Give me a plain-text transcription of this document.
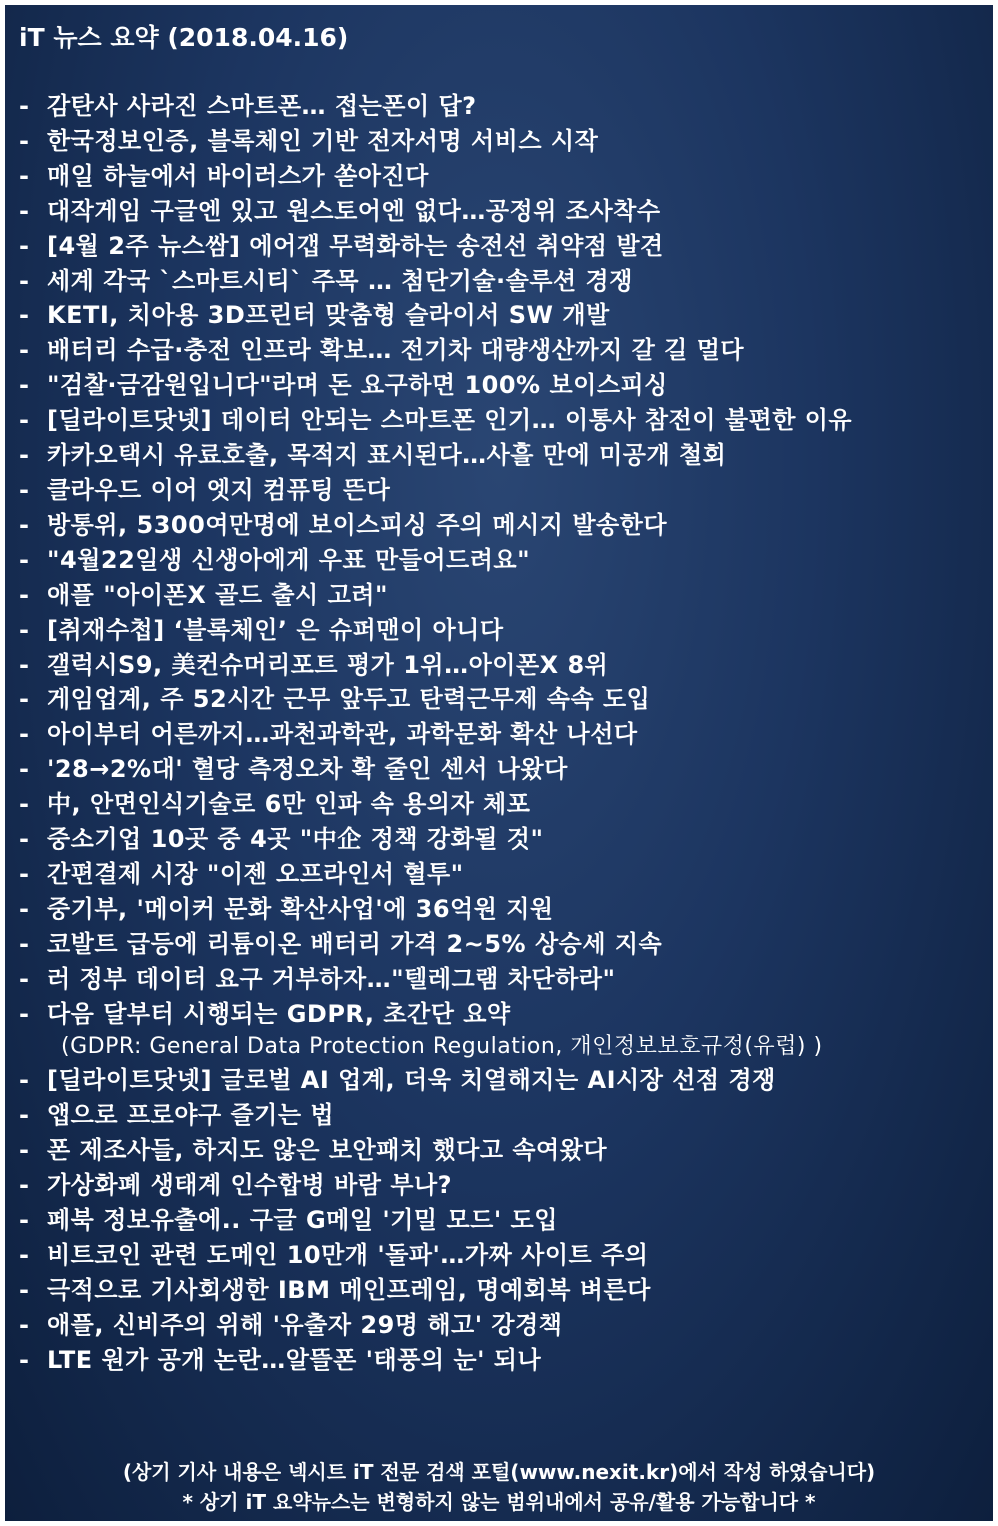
iT 뉴스 요약 (2018.04.16)
- 감탄사 사라진 스마트폰… 접는폰이 답?
- 한국정보인증, 블록체인 기반 전자서명 서비스 시작
- 매일 하늘에서 바이러스가 쏟아진다
- 대작게임 구글엔 있고 원스토어엔 없다…공정위 조사착수
- [4월 2주 뉴스쌈] 에어갭 무력화하는 송전선 취약점 발견
- 세계 각국 `스마트시티` 주목 … 첨단기술·솔루션 경쟁
- KETI, 치아용 3D프린터 맞춤형 슬라이서 SW 개발
- 배터리 수급·충전 인프라 확보… 전기차 대량생산까지 갈 길 멀다
- "검찰·금감원입니다"라며 돈 요구하면 100% 보이스피싱
- [딜라이트닷넷] 데이터 안되는 스마트폰 인기… 이통사 참전이 불편한 이유
- 카카오택시 유료호출, 목적지 표시된다…사흘 만에 미공개 철회
- 클라우드 이어 엣지 컴퓨팅 뜬다
- 방통위, 5300여만명에 보이스피싱 주의 메시지 발송한다
- "4월22일생 신생아에게 우표 만들어드려요"
- 애플 "아이폰X 골드 출시 고려"
- [취재수첩] ‘블록체인’ 은 슈퍼맨이 아니다
- 갤럭시S9, 美컨슈머리포트 평가 1위…아이폰X 8위
- 게임업계, 주 52시간 근무 앞두고 탄력근무제 속속 도입
- 아이부터 어른까지…과천과학관, 과학문화 확산 나선다
- '28→2%대' 혈당 측정오차 확 줄인 센서 나왔다
- 中, 안면인식기술로 6만 인파 속 용의자 체포
- 중소기업 10곳 중 4곳 "中企 정책 강화될 것"
- 간편결제 시장 "이젠 오프라인서 혈투"
- 중기부, '메이커 문화 확산사업'에 36억원 지원
- 코발트 급등에 리튬이온 배터리 가격 2~5% 상승세 지속
- 러 정부 데이터 요구 거부하자…"텔레그램 차단하라"
- 다음 달부터 시행되는 GDPR, 초간단 요약
(GDPR: General Data Protection Regulation, 개인정보보호규정(유럽) )
- [딜라이트닷넷] 글로벌 AI 업계, 더욱 치열해지는 AI시장 선점 경쟁
- 앱으로 프로야구 즐기는 법
- 폰 제조사들, 하지도 않은 보안패치 했다고 속여왔다
- 가상화폐 생태계 인수합병 바람 부나?
- 페북 정보유출에.. 구글 G메일 '기밀 모드' 도입
- 비트코인 관련 도메인 10만개 '돌파'…가짜 사이트 주의
- 극적으로 기사회생한 IBM 메인프레임, 명예회복 벼른다
- 애플, 신비주의 위해 '유출자 29명 해고' 강경책
- LTE 원가 공개 논란…알뜰폰 '태풍의 눈' 되나
(상기 기사 내용은 넥시트 iT 전문 검색 포털(www.nexit.kr)에서 작성 하였습니다)
* 상기 iT 요약뉴스는 변형하지 않는 범위내에서 공유/활용 가능합니다 *
